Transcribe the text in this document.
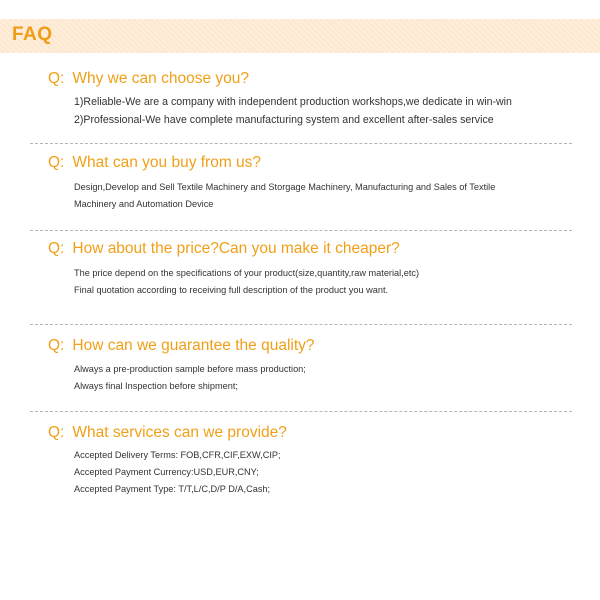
FAQ
Q: Why we can choose you?
1)Reliable-We are a company with independent production workshops,we dedicate in win-win
2)Professional-We have complete manufacturing system and excellent after-sales service
Q: What can you buy from us?
Design,Develop and Sell Textile Machinery and Storgage Machinery, Manufacturing and Sales of Textile
Machinery and Automation Device
Q: How about the price?Can you make it cheaper?
The price depend on the specifications of your product(size,quantity,raw material,etc)
Final quotation according to receiving full description of the product you want.
Q: How can we guarantee the quality?
Always a pre-production sample before mass production;
Always final Inspection before shipment;
Q: What services can we provide?
Accepted Delivery Terms: FOB,CFR,CIF,EXW,CIP;
Accepted Payment Currency:USD,EUR,CNY;
Accepted Payment Type: T/T,L/C,D/P D/A,Cash;
